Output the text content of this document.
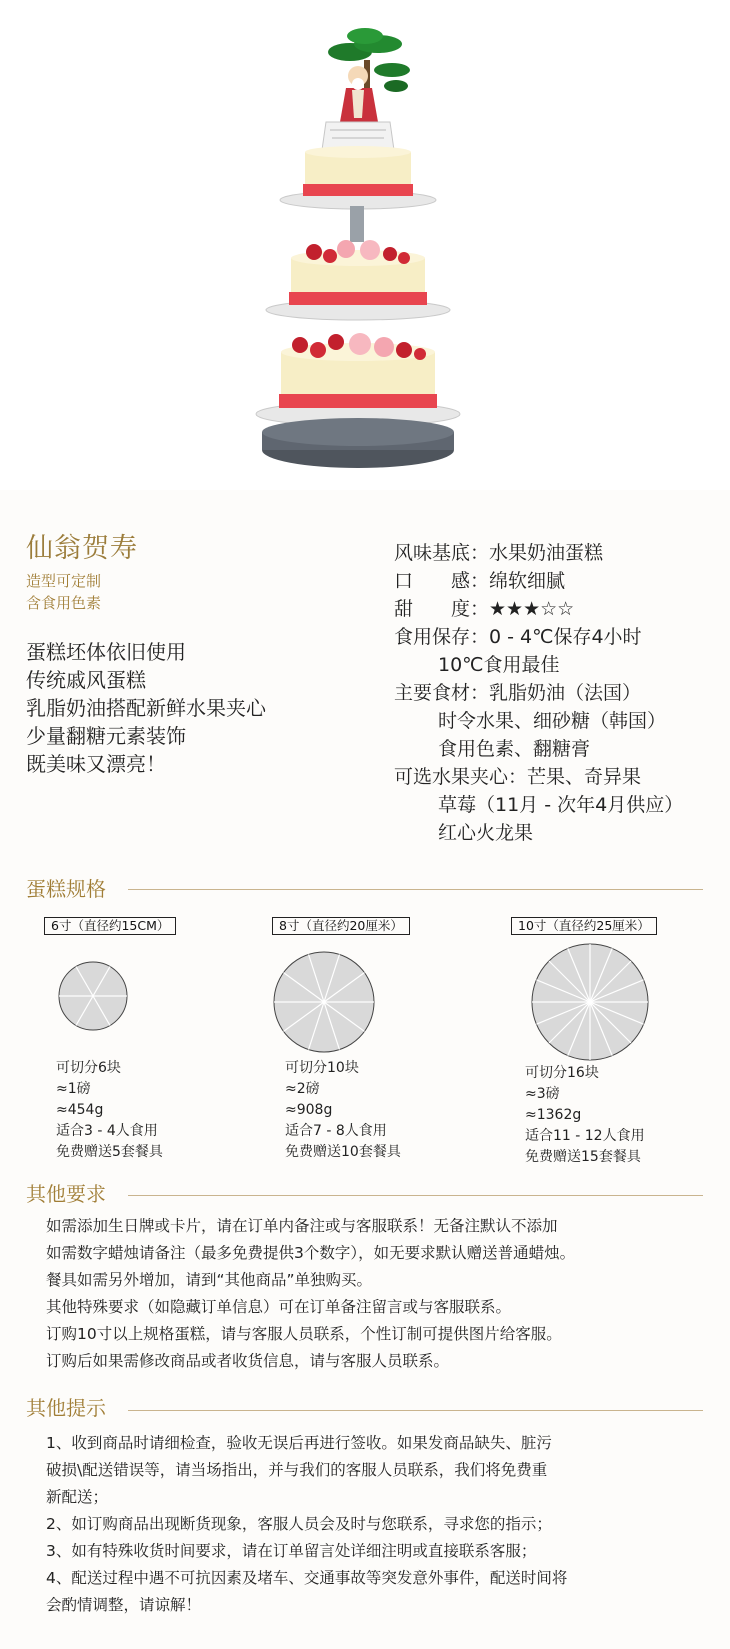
仙翁贺寿
造型可定制
含食用色素
蛋糕坯体依旧使用
传统戚风蛋糕
乳脂奶油搭配新鲜水果夹心
少量翻糖元素装饰
既美味又漂亮！
风味基底： 水果奶油蛋糕
口　　感： 绵软细腻
甜　　度： ★★★☆☆
食用保存： 0 - 4℃保存4小时
10℃食用最佳
主要食材： 乳脂奶油（法国）
时令水果、细砂糖（韩国）
食用色素、翻糖膏
可选水果夹心： 芒果、奇异果
草莓（11月 - 次年4月供应）
红心火龙果
蛋糕规格
6寸（直径约15CM）
可切分6块
≈1磅
≈454g
适合3 - 4人食用
免费赠送5套餐具
8寸（直径约20厘米）
可切分10块
≈2磅
≈908g
适合7 - 8人食用
免费赠送10套餐具
10寸（直径约25厘米）
可切分16块
≈3磅
≈1362g
适合11 - 12人食用
免费赠送15套餐具
其他要求
如需添加生日牌或卡片，请在订单内备注或与客服联系！无备注默认不添加
如需数字蜡烛请备注（最多免费提供3个数字），如无要求默认赠送普通蜡烛。
餐具如需另外增加，请到“其他商品”单独购买。
其他特殊要求（如隐藏订单信息）可在订单备注留言或与客服联系。
订购10寸以上规格蛋糕，请与客服人员联系，个性订制可提供图片给客服。
订购后如果需修改商品或者收货信息，请与客服人员联系。
其他提示
1、收到商品时请细检查，验收无误后再进行签收。如果发商品缺失、脏污
破损\配送错误等，请当场指出，并与我们的客服人员联系，我们将免费重
新配送；
2、如订购商品出现断货现象，客服人员会及时与您联系，寻求您的指示；
3、如有特殊收货时间要求，请在订单留言处详细注明或直接联系客服；
4、配送过程中遇不可抗因素及堵车、交通事故等突发意外事件，配送时间将
会酌情调整，请谅解！
